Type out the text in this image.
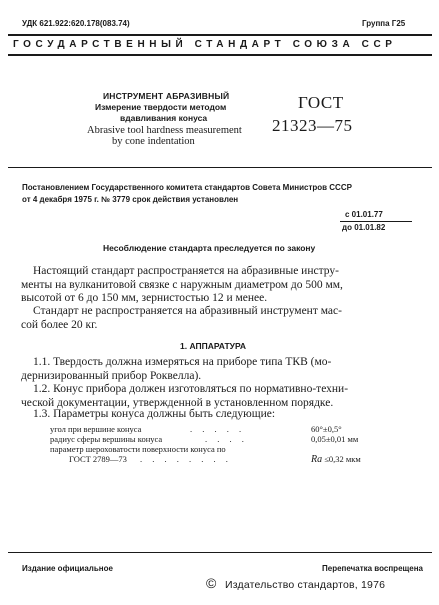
УДК 621.922:620.178(083.74)	Группа Г25
ГОСУДАРСТВЕННЫЙ СТАНДАРТ СОЮЗА ССР
ИНСТРУМЕНТ АБРАЗИВНЫЙ
Измерение твердости методом
вдавливания конуса
Abrasive tool hardness measurement
by cone indentation
ГОСТ
21323—75
Постановлением Государственного комитета стандартов Совета Министров СССР
от 4 декабря 1975 г. № 3779 срок действия установлен
с 01.01.77
до 01.01.82
Несоблюдение стандарта преследуется по закону
Настоящий стандарт распространяется на абразивные инстру-
менты на вулканитовой связке с наружным диаметром до 500 мм,
высотой от 6 до 150 мм, зернистостью 12 и менее.
Стандарт не распространяется на абразивный инструмент мас-
сой более 20 кг.
1. АППАРАТУРА
1.1. Твердость должна измеряться на приборе типа ТКВ (мо-
дернизированный прибор Роквелла).
1.2. Конус прибора должен изготовляться по нормативно-техни-
ческой документации, утвержденной в установленном порядке.
1.3. Параметры конуса должны быть следующие:
угол при вершине конуса	. . . . .	60°±0,5°
радиус сферы вершины конуса	. . . .	0,05±0,01 мм
параметр шероховатости поверхности конуса по
ГОСТ 2789—73 . . . . . . . .	Ra ≤0,32 мкм
Издание официальное	Перепечатка воспрещена
© Издательство стандартов, 1976
